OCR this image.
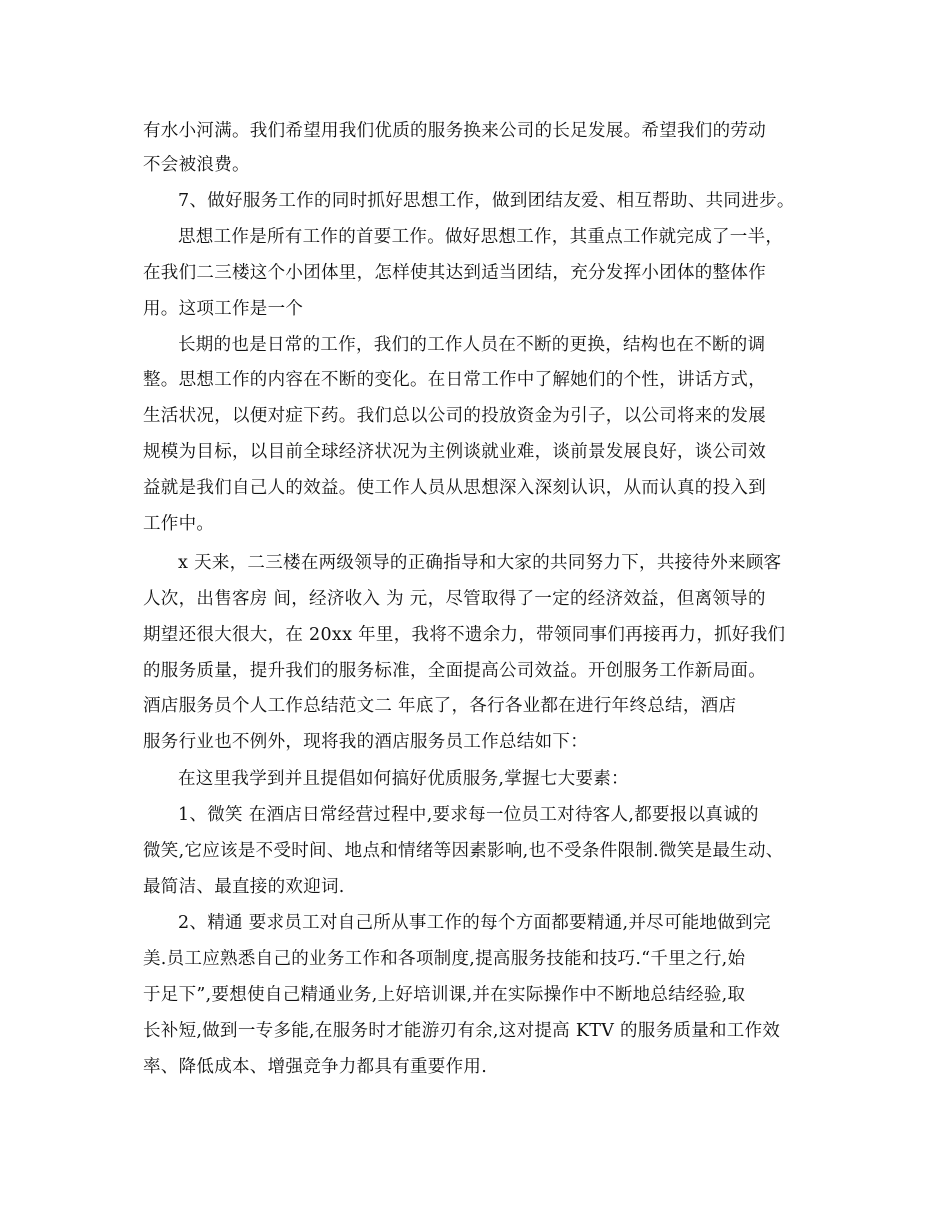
有水小河满。我们希望用我们优质的服务换来公司的长足发展。希望我们的劳动
不会被浪费。
7、做好服务工作的同时抓好思想工作，做到团结友爱、相互帮助、共同进步。
思想工作是所有工作的首要工作。做好思想工作，其重点工作就完成了一半，
在我们二三楼这个小团体里，怎样使其达到适当团结，充分发挥小团体的整体作
用。这项工作是一个
长期的也是日常的工作，我们的工作人员在不断的更换，结构也在不断的调
整。思想工作的内容在不断的变化。在日常工作中了解她们的个性，讲话方式，
生活状况，以便对症下药。我们总以公司的投放资金为引子，以公司将来的发展
规模为目标，以目前全球经济状况为主例谈就业难，谈前景发展良好，谈公司效
益就是我们自己人的效益。使工作人员从思想深入深刻认识，从而认真的投入到
工作中。
x 天来，二三楼在两级领导的正确指导和大家的共同努力下，共接待外来顾客
人次，出售客房 间，经济收入 为 元，尽管取得了一定的经济效益，但离领导的
期望还很大很大，在 20xx 年里，我将不遗余力，带领同事们再接再力，抓好我们
的服务质量，提升我们的服务标准，全面提高公司效益。开创服务工作新局面。
酒店服务员个人工作总结范文二 年底了，各行各业都在进行年终总结，酒店
服务行业也不例外，现将我的酒店服务员工作总结如下：
在这里我学到并且提倡如何搞好优质服务,掌握七大要素：
1、微笑 在酒店日常经营过程中,要求每一位员工对待客人,都要报以真诚的
微笑,它应该是不受时间、地点和情绪等因素影响,也不受条件限制.微笑是最生动、
最简洁、最直接的欢迎词.
2、精通 要求员工对自己所从事工作的每个方面都要精通,并尽可能地做到完
美.员工应熟悉自己的业务工作和各项制度,提高服务技能和技巧.“千里之行,始
于足下”,要想使自己精通业务,上好培训课,并在实际操作中不断地总结经验,取
长补短,做到一专多能,在服务时才能游刃有余,这对提高 KTV 的服务质量和工作效
率、降低成本、增强竞争力都具有重要作用.
